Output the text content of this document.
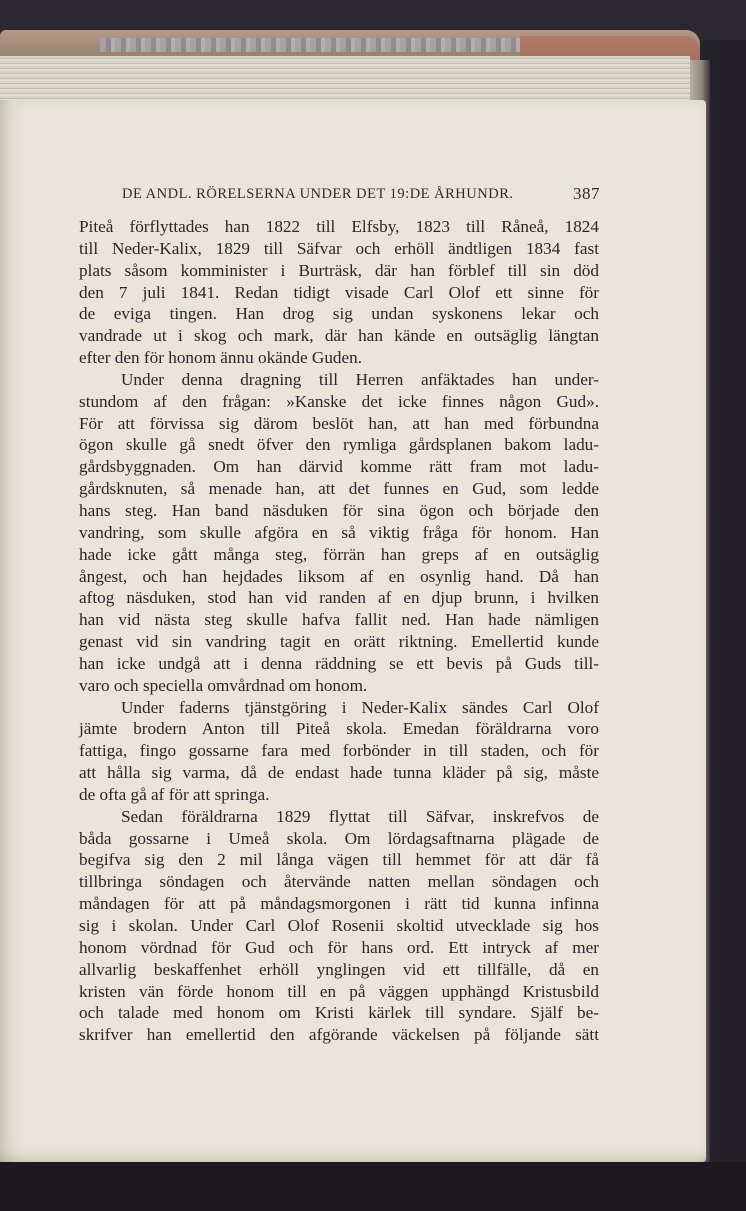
DE ANDL. RÖRELSERNA UNDER DET 19:DE ÅRHUNDR.	387
Piteå förflyttades han 1822 till Elfsby, 1823 till Råneå, 1824
till Neder-Kalix, 1829 till Säfvar och erhöll ändtligen 1834 fast
plats såsom komminister i Burträsk, där han förblef till sin död
den 7 juli 1841. Redan tidigt visade Carl Olof ett sinne för
de eviga tingen. Han drog sig undan syskonens lekar och
vandrade ut i skog och mark, där han kände en outsäglig längtan
efter den för honom ännu okände Guden.
Under denna dragning till Herren anfäktades han under-
stundom af den frågan: »Kanske det icke finnes någon Gud».
För att förvissa sig därom beslöt han, att han med förbundna
ögon skulle gå snedt öfver den rymliga gårdsplanen bakom ladu-
gårdsbyggnaden. Om han därvid komme rätt fram mot ladu-
gårdsknuten, så menade han, att det funnes en Gud, som ledde
hans steg. Han band näsduken för sina ögon och började den
vandring, som skulle afgöra en så viktig fråga för honom. Han
hade icke gått många steg, förrän han greps af en outsäglig
ångest, och han hejdades liksom af en osynlig hand. Då han
aftog näsduken, stod han vid randen af en djup brunn, i hvilken
han vid nästa steg skulle hafva fallit ned. Han hade nämligen
genast vid sin vandring tagit en orätt riktning. Emellertid kunde
han icke undgå att i denna räddning se ett bevis på Guds till-
varo och speciella omvårdnad om honom.
Under faderns tjänstgöring i Neder-Kalix sändes Carl Olof
jämte brodern Anton till Piteå skola. Emedan föräldrarna voro
fattiga, fingo gossarne fara med forbönder in till staden, och för
att hålla sig varma, då de endast hade tunna kläder på sig, måste
de ofta gå af för att springa.
Sedan föräldrarna 1829 flyttat till Säfvar, inskrefvos de
båda gossarne i Umeå skola. Om lördagsaftnarna plägade de
begifva sig den 2 mil långa vägen till hemmet för att där få
tillbringa söndagen och återvände natten mellan söndagen och
måndagen för att på måndagsmorgonen i rätt tid kunna infinna
sig i skolan. Under Carl Olof Rosenii skoltid utvecklade sig hos
honom vördnad för Gud och för hans ord. Ett intryck af mer
allvarlig beskaffenhet erhöll ynglingen vid ett tillfälle, då en
kristen vän förde honom till en på väggen upphängd Kristusbild
och talade med honom om Kristi kärlek till syndare. Själf be-
skrifver han emellertid den afgörande väckelsen på följande sätt
